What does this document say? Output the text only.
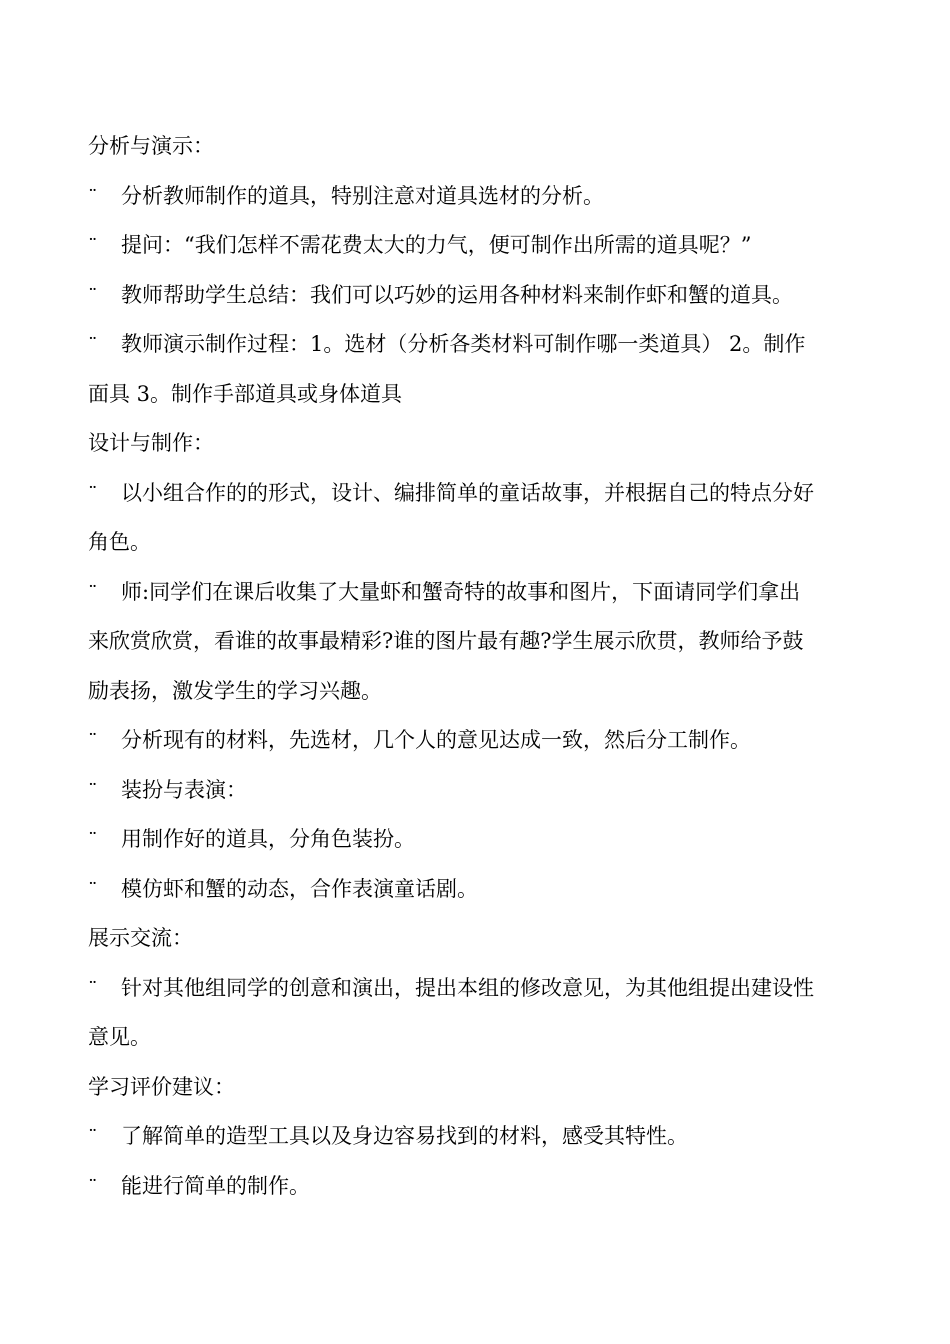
分析与演示：
¨ 分析教师制作的道具，特别注意对道具选材的分析。
¨ 提问：“我们怎样不需花费太大的力气，便可制作出所需的道具呢？”
¨ 教师帮助学生总结：我们可以巧妙的运用各种材料来制作虾和蟹的道具。
¨ 教师演示制作过程：1。选材（分析各类材料可制作哪一类道具） 2。制作
面具 3。制作手部道具或身体道具
设计与制作：
¨ 以小组合作的的形式，设计、编排简单的童话故事，并根据自己的特点分好
角色。
¨ 师:同学们在课后收集了大量虾和蟹奇特的故事和图片，下面请同学们拿出
来欣赏欣赏，看谁的故事最精彩?谁的图片最有趣?学生展示欣贯，教师给予鼓
励表扬，激发学生的学习兴趣。
¨ 分析现有的材料，先选材，几个人的意见达成一致，然后分工制作。
¨ 装扮与表演：
¨ 用制作好的道具，分角色装扮。
¨ 模仿虾和蟹的动态，合作表演童话剧。
展示交流：
¨ 针对其他组同学的创意和演出，提出本组的修改意见，为其他组提出建设性
意见。
学习评价建议：
¨ 了解简单的造型工具以及身边容易找到的材料，感受其特性。
¨ 能进行简单的制作。
